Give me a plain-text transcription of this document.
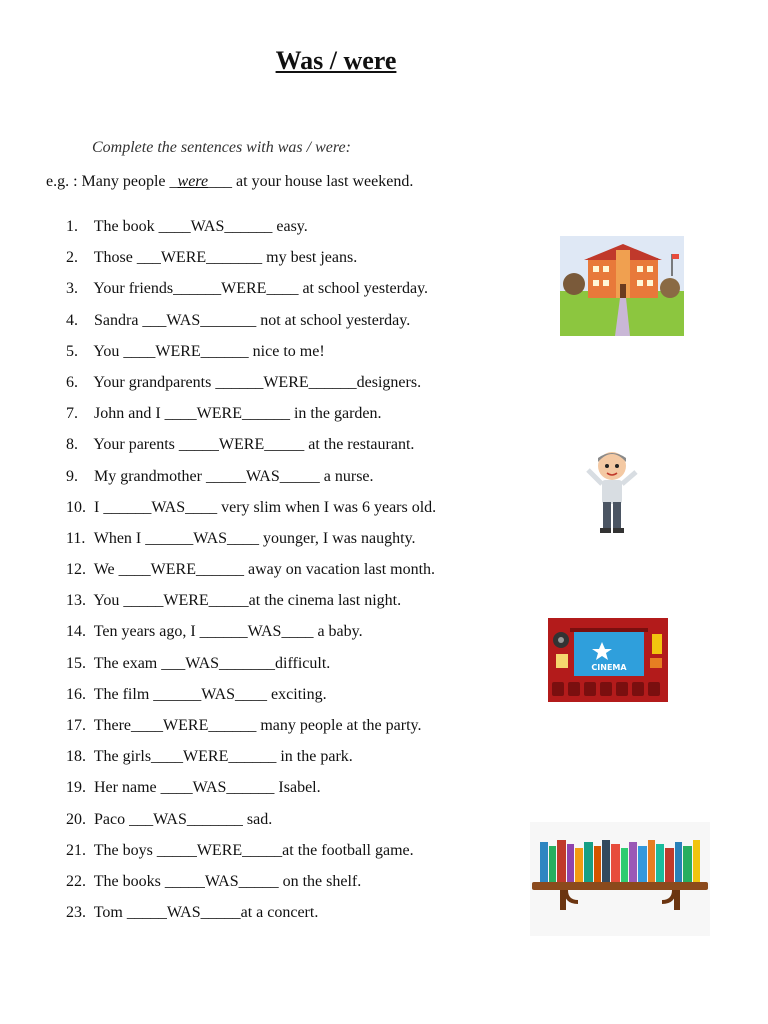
Was / were
Complete the sentences with was / were:
e.g. : Many people _were___ at your house last weekend.
1. The book ____WAS______ easy.
2. Those ___WERE_______ my best jeans.
3. Your friends______WERE____ at school yesterday.
4. Sandra ___WAS_______ not at school yesterday.
5. You ____WERE______ nice to me!
6. Your grandparents ______WERE______designers.
7. John and I ____WERE______ in the garden.
8. Your parents _____WERE_____ at the restaurant.
9. My grandmother _____WAS_____ a nurse.
10. I ______WAS____ very slim when I was 6 years old.
11. When I ______WAS____ younger, I was naughty.
12. We ____WERE______ away on vacation last month.
13. You _____WERE_____at the cinema last night.
14. Ten years ago, I ______WAS____ a baby.
15. The exam ___WAS_______difficult.
16. The film ______WAS____ exciting.
17. There____WERE______ many people at the party.
18. The girls____WERE______ in the park.
19. Her name ____WAS______ Isabel.
20. Paco ___WAS_______ sad.
21. The boys _____WERE_____at the football game.
22. The books _____WAS_____ on the shelf.
23. Tom _____WAS_____at a concert.
CINEMA
